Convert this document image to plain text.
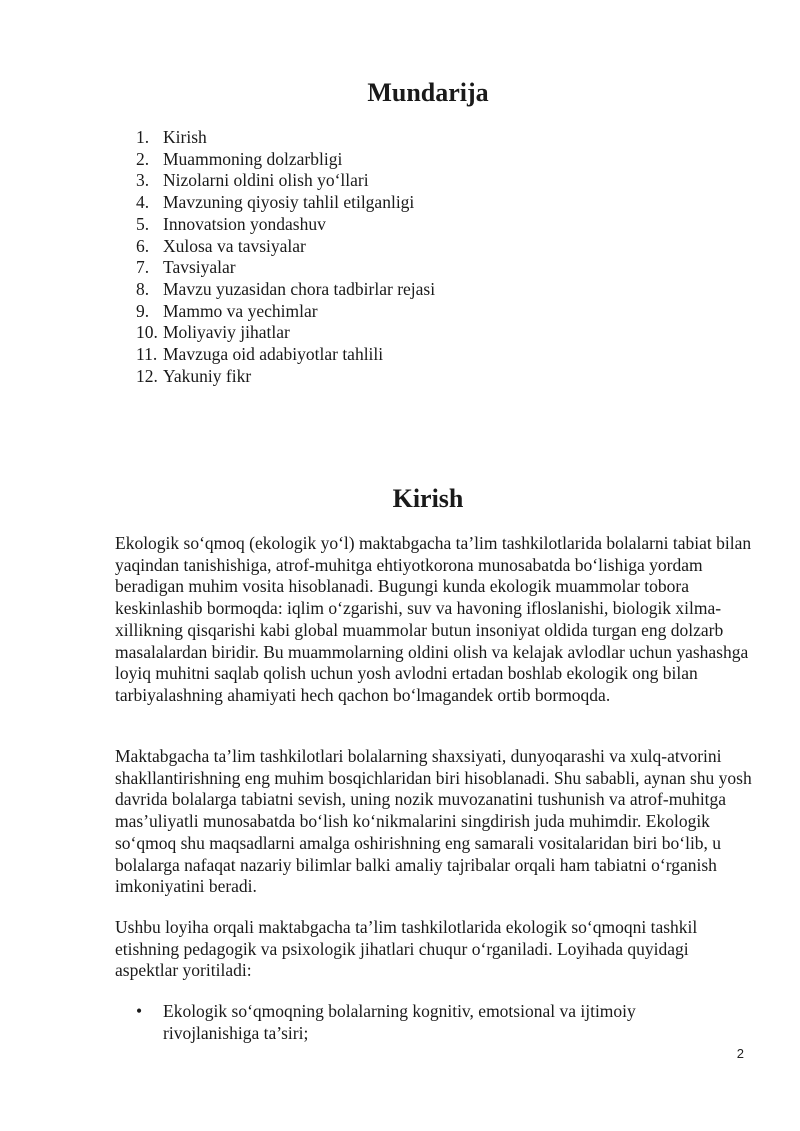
Mundarija
1. Kirish
2. Muammoning dolzarbligi
3. Nizolarni oldini olish yoʻllari
4. Mavzuning qiyosiy tahlil etilganligi
5. Innovatsion yondashuv
6. Xulosa va tavsiyalar
7. Tavsiyalar
8. Mavzu yuzasidan chora tadbirlar rejasi
9. Mammo va yechimlar
10. Moliyaviy jihatlar
11. Mavzuga oid adabiyotlar tahlili
12. Yakuniy fikr
Kirish

Ekologik soʻqmoq (ekologik yoʻl) maktabgacha ta’lim tashkilotlarida bolalarni tabiat bilan yaqindan tanishishiga, atrof-muhitga ehtiyotkorona munosabatda boʻlishiga yordam beradigan muhim vosita hisoblanadi. Bugungi kunda ekologik muammolar tobora keskinlashib bormoqda: iqlim oʻzgarishi, suv va havoning ifloslanishi, biologik xilma-xillikning qisqarishi kabi global muammolar butun insoniyat oldida turgan eng dolzarb masalalardan biridir. Bu muammolarning oldini olish va kelajak avlodlar uchun yashashga loyiq muhitni saqlab qolish uchun yosh avlodni ertadan boshlab ekologik ong bilan tarbiyalashning ahamiyati hech qachon boʻlmagandek ortib bormoqda.

Maktabgacha ta’lim tashkilotlari bolalarning shaxsiyati, dunyoqarashi va xulq-atvorini shakllantirishning eng muhim bosqichlaridan biri hisoblanadi. Shu sababli, aynan shu yosh davrida bolalarga tabiatni sevish, uning nozik muvozanatini tushunish va atrof-muhitga mas’uliyatli munosabatda boʻlish koʻnikmalarini singdirish juda muhimdir. Ekologik soʻqmoq shu maqsadlarni amalga oshirishning eng samarali vositalaridan biri boʻlib, u bolalarga nafaqat nazariy bilimlar balki amaliy tajribalar orqali ham tabiatni oʻrganish imkoniyatini beradi.

Ushbu loyiha orqali maktabgacha ta’lim tashkilotlarida ekologik soʻqmoqni tashkil etishning pedagogik va psixologik jihatlari chuqur oʻrganiladi. Loyihada quyidagi aspektlar yoritiladi:

•	Ekologik soʻqmoqning bolalarning kognitiv, emotsional va ijtimoiy rivojlanishiga ta’siri;
2
